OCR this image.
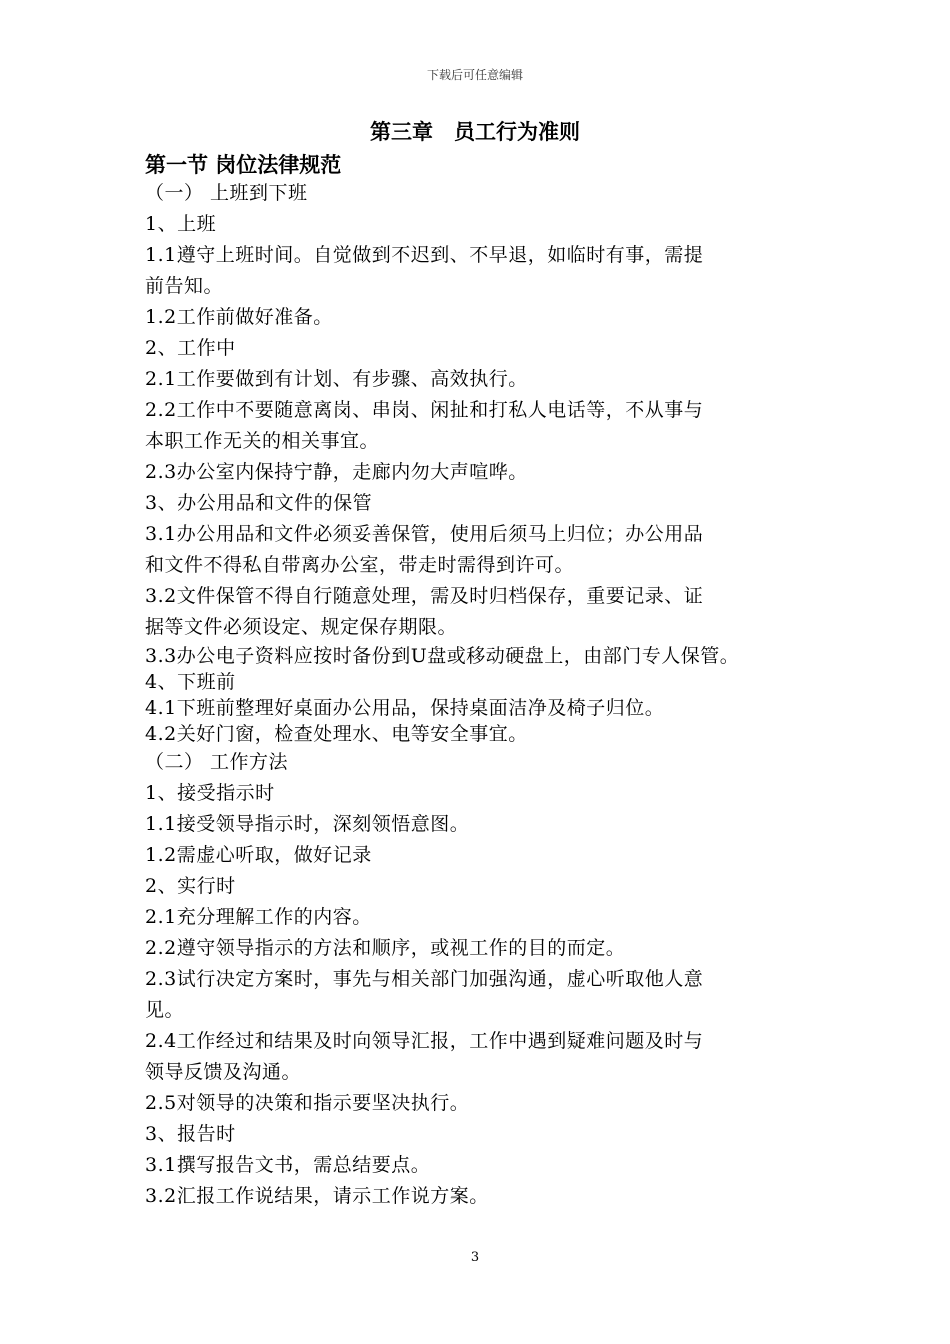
下载后可任意编辑
第三章　员工行为准则
第一节 岗位法律规范
（一） 上班到下班
1、上班
1.1遵守上班时间。自觉做到不迟到、不早退，如临时有事，需提
前告知。
1.2工作前做好准备。
2、工作中
2.1工作要做到有计划、有步骤、高效执行。
2.2工作中不要随意离岗、串岗、闲扯和打私人电话等，不从事与
本职工作无关的相关事宜。
2.3办公室内保持宁静，走廊内勿大声喧哗。
3、办公用品和文件的保管
3.1办公用品和文件必须妥善保管，使用后须马上归位；办公用品
和文件不得私自带离办公室，带走时需得到许可。
3.2文件保管不得自行随意处理，需及时归档保存，重要记录、证
据等文件必须设定、规定保存期限。
3.3办公电子资料应按时备份到U盘或移动硬盘上，由部门专人保管。
4、下班前
4.1下班前整理好桌面办公用品，保持桌面洁净及椅子归位。
4.2关好门窗，检查处理水、电等安全事宜。
（二） 工作方法
1、接受指示时
1.1接受领导指示时，深刻领悟意图。
1.2需虚心听取，做好记录
2、实行时
2.1充分理解工作的内容。
2.2遵守领导指示的方法和顺序，或视工作的目的而定。
2.3试行决定方案时，事先与相关部门加强沟通，虚心听取他人意
见。
2.4工作经过和结果及时向领导汇报，工作中遇到疑难问题及时与
领导反馈及沟通。
2.5对领导的决策和指示要坚决执行。
3、报告时
3.1撰写报告文书，需总结要点。
3.2汇报工作说结果，请示工作说方案。
3
